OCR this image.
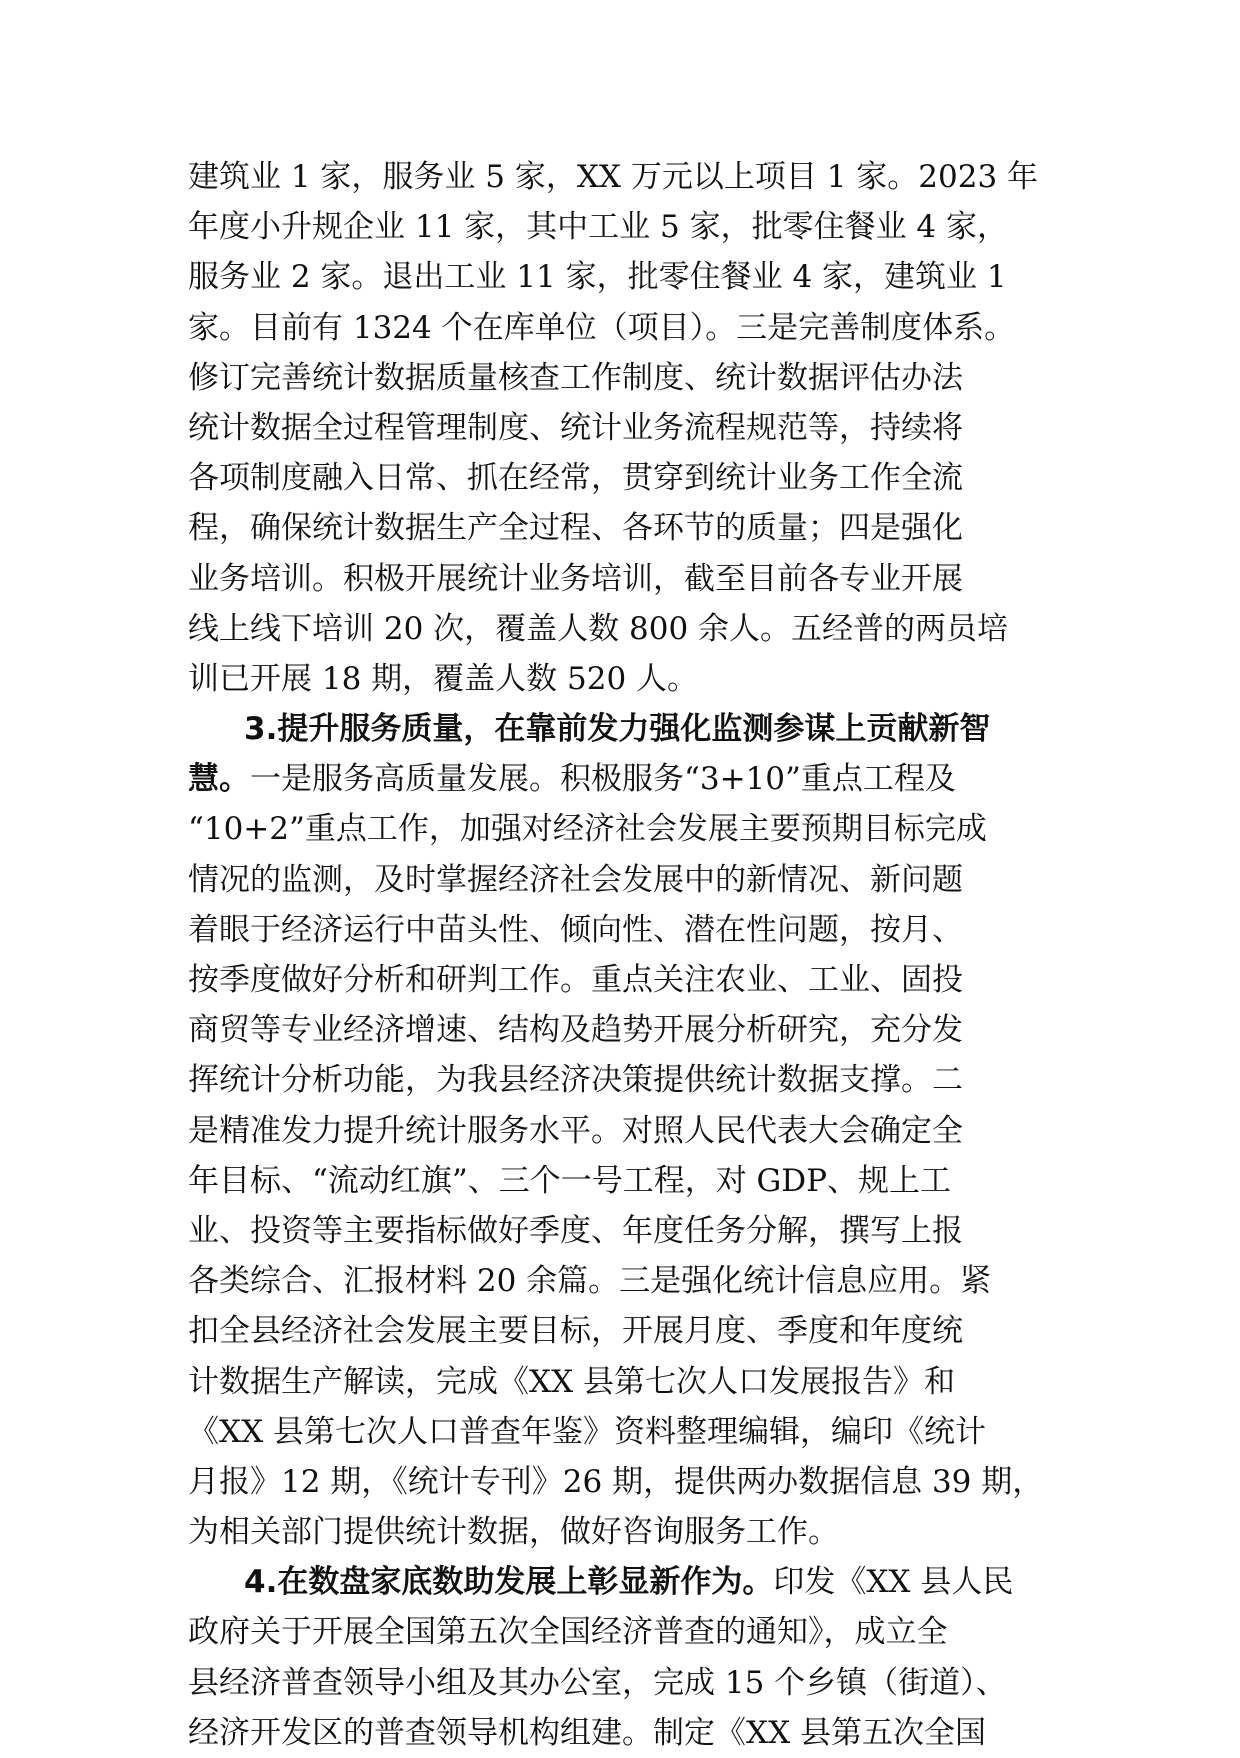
建筑业 1 家，服务业 5 家，XX 万元以上项目 1 家。2023 年
年度小升规企业 11 家，其中工业 5 家，批零住餐业 4 家，
服务业 2 家。退出工业 11 家，批零住餐业 4 家，建筑业 1
家。目前有 1324 个在库单位（项目）。三是完善制度体系。
修订完善统计数据质量核查工作制度、统计数据评估办法
统计数据全过程管理制度、统计业务流程规范等，持续将
各项制度融入日常、抓在经常，贯穿到统计业务工作全流
程，确保统计数据生产全过程、各环节的质量；四是强化
业务培训。积极开展统计业务培训，截至目前各专业开展
线上线下培训 20 次，覆盖人数 800 余人。五经普的两员培
训已开展 18 期，覆盖人数 520 人。
3.提升服务质量，在靠前发力强化监测参谋上贡献新智
慧。一是服务高质量发展。积极服务“3+10”重点工程及
“10+2”重点工作，加强对经济社会发展主要预期目标完成
情况的监测，及时掌握经济社会发展中的新情况、新问题
着眼于经济运行中苗头性、倾向性、潜在性问题，按月、
按季度做好分析和研判工作。重点关注农业、工业、固投
商贸等专业经济增速、结构及趋势开展分析研究，充分发
挥统计分析功能，为我县经济决策提供统计数据支撑。二
是精准发力提升统计服务水平。对照人民代表大会确定全
年目标、“流动红旗”、三个一号工程，对 GDP、规上工
业、投资等主要指标做好季度、年度任务分解，撰写上报
各类综合、汇报材料 20 余篇。三是强化统计信息应用。紧
扣全县经济社会发展主要目标，开展月度、季度和年度统
计数据生产解读，完成《XX 县第七次人口发展报告》和
《XX 县第七次人口普查年鉴》资料整理编辑，编印《统计
月报》12 期，《统计专刊》26 期，提供两办数据信息 39 期，
为相关部门提供统计数据，做好咨询服务工作。
4.在数盘家底数助发展上彰显新作为。印发《XX 县人民
政府关于开展全国第五次全国经济普查的通知》，成立全
县经济普查领导小组及其办公室，完成 15 个乡镇（街道）、
经济开发区的普查领导机构组建。制定《XX 县第五次全国
